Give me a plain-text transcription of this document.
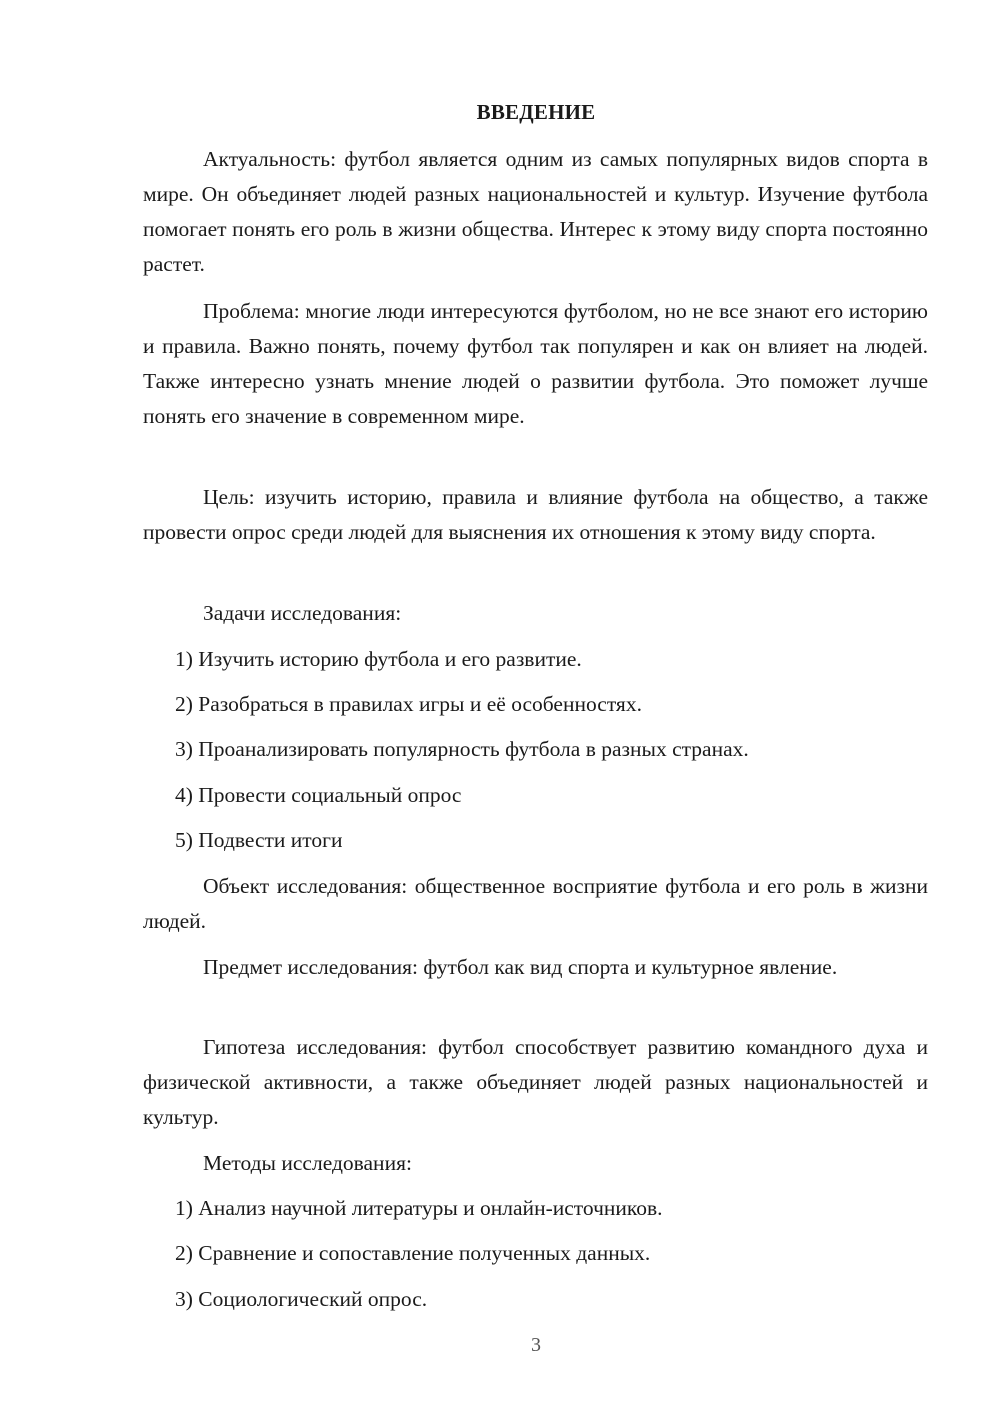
ВВЕДЕНИЕ

Актуальность: футбол является одним из самых популярных видов спорта в мире. Он объединяет людей разных национальностей и культур. Изучение футбола помогает понять его роль в жизни общества. Интерес к этому виду спорта постоянно растет.

Проблема: многие люди интересуются футболом, но не все знают его историю и правила. Важно понять, почему футбол так популярен и как он влияет на людей. Также интересно узнать мнение людей о развитии футбола. Это поможет лучше понять его значение в современном мире.

Цель: изучить историю, правила и влияние футбола на общество, а также провести опрос среди людей для выяснения их отношения к этому виду спорта.

Задачи исследования:

1) Изучить историю футбола и его развитие.

2) Разобраться в правилах игры и её особенностях.

3) Проанализировать популярность футбола в разных странах.

4) Провести социальный опрос

5) Подвести итоги

Объект исследования: общественное восприятие футбола и его роль в жизни людей.

Предмет исследования: футбол как вид спорта и культурное явление.

Гипотеза исследования: футбол способствует развитию командного духа и физической активности, а также объединяет людей разных национальностей и культур.

Методы исследования:

1) Анализ научной литературы и онлайн-источников.

2) Сравнение и сопоставление полученных данных.

3) Социологический опрос.

3
